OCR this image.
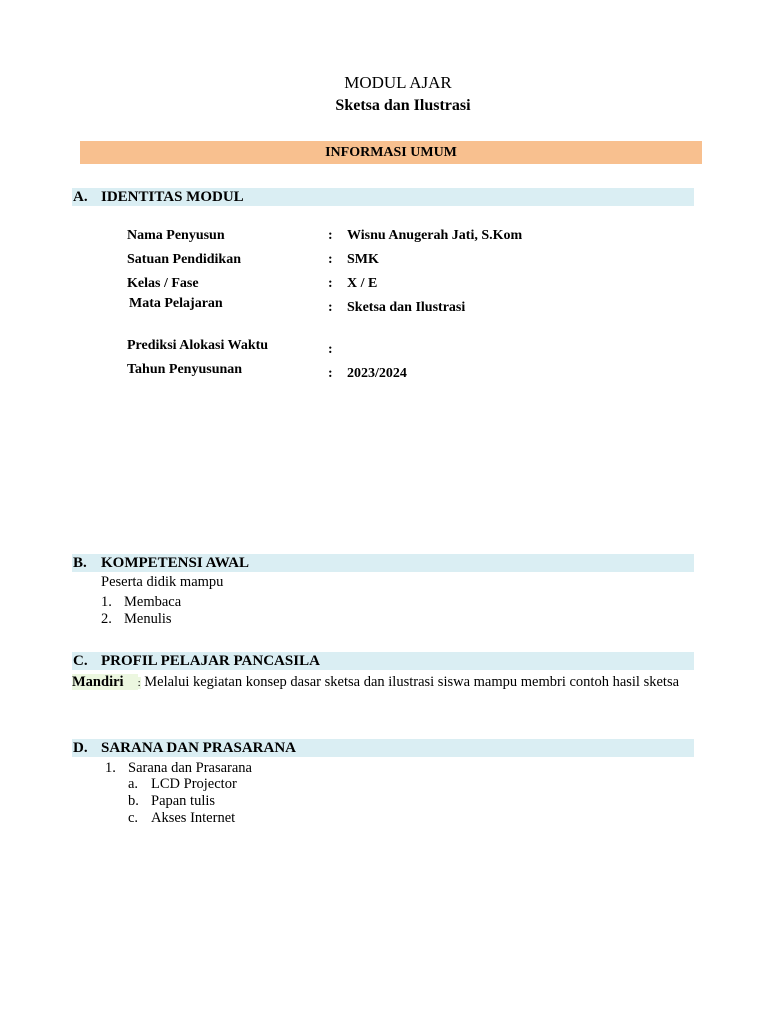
MODUL AJAR
Sketsa dan Ilustrasi
INFORMASI UMUM
A. IDENTITAS MODUL
Nama Penyusun	: Wisnu Anugerah Jati, S.Kom
Satuan Pendidikan	: SMK
Kelas / Fase	: X / E
Mata Pelajaran	: Sketsa dan Ilustrasi
Prediksi Alokasi Waktu	:
Tahun Penyusunan	: 2023/2024
B. KOMPETENSI AWAL
Peserta didik mampu
1. Membaca
2. Menulis
C. PROFIL PELAJAR PANCASILA
Mandiri : Melalui kegiatan konsep dasar sketsa dan ilustrasi siswa mampu membri contoh hasil sketsa
D. SARANA DAN PRASARANA
1. Sarana dan Prasarana
a. LCD Projector
b. Papan tulis
c. Akses Internet
